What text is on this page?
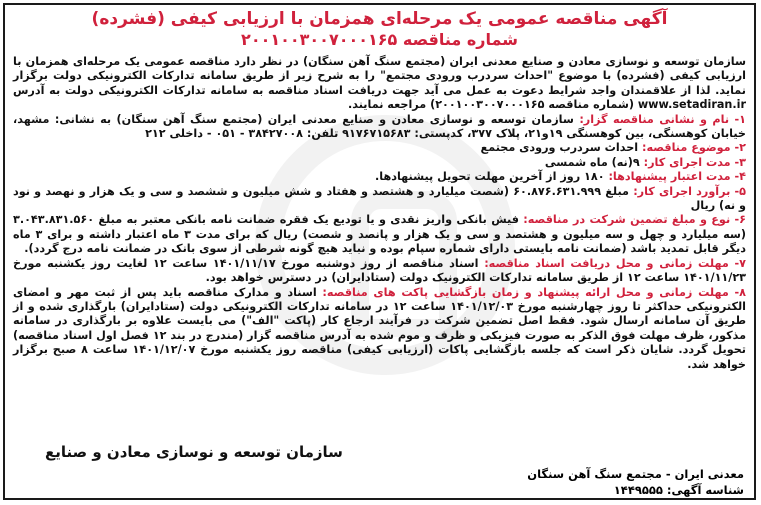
آگهی مناقصه عمومی یک مرحله‌ای همزمان با ارزیابی کیفی (فشرده)
شماره مناقصه ۲۰۰۱۰۰۳۰۰۷۰۰۰۱۶۵

سازمان توسعه و نوسازی معادن و صنایع معدنی ایران (مجتمع سنگ آهن سنگان) در نظر دارد مناقصه عمومی یک مرحله‌ای همزمان با ارزیابی کیفی (فشرده) با موضوع "احداث سردرب ورودی مجتمع" را به شرح زیر از طریق سامانه تدارکات الکترونیکی دولت برگزار نماید. لذا از علاقمندان واجد شرایط دعوت به عمل می آید جهت دریافت اسناد مناقصه به سامانه تدارکات الکترونیکی دولت به آدرس www.setadiran.ir (شماره مناقصه ۲۰۰۱۰۰۳۰۰۷۰۰۰۱۶۵) مراجعه نمایند.

۱- نام و نشانی مناقصه گزار: سازمان توسعه و نوسازی معادن و صنایع معدنی ایران (مجتمع سنگ آهن سنگان) به نشانی: مشهد، خیابان کوهسنگی، بین کوهسنگی ۱۹و۲۱، پلاک ۳۷۷، کدپستی: ۹۱۷۶۷۱۵۶۸۳ تلفن: ۳۸۴۲۷۰۰۸ - ۰۵۱ - داخلی ۲۱۲

۲- موضوع مناقصه: احداث سردرب ورودی مجتمع

۳- مدت اجرای کار: ۹(نه) ماه شمسی

۴- مدت اعتبار پیشنهادها: ۱۸۰ روز از آخرین مهلت تحویل پیشنهادها.

۵- برآورد اجرای کار: مبلغ ۶۰.۸۷۶.۶۳۱.۹۹۹ (شصت میلیارد و هشتصد و هفتاد و شش میلیون و ششصد و سی و یک هزار و نهصد و نود و نه) ریال

۶- نوع و مبلغ تضمین شرکت در مناقصه: فیش بانکی واریز نقدی و یا تودیع یک فقره ضمانت نامه بانکی معتبر به مبلغ ۳.۰۴۳.۸۳۱.۵۶۰ (سه میلیارد و چهل و سه میلیون و هشتصد و سی و یک هزار و پانصد و شصت) ریال که برای مدت ۳ ماه اعتبار داشته و برای ۳ ماه دیگر قابل تمدید باشد (ضمانت نامه بایستی دارای شماره سپام بوده و نباید هیچ گونه شرطی از سوی بانک در ضمانت نامه درج گردد).

۷- مهلت زمانی و محل دریافت اسناد مناقصه: اسناد مناقصه از روز دوشنبه مورخ ۱۴۰۱/۱۱/۱۷ ساعت ۱۲ لغایت روز یکشنبه مورخ ۱۴۰۱/۱۱/۲۳ ساعت ۱۲ از طریق سامانه تدارکات الکترونیک دولت (ستادایران) در دسترس خواهد بود.

۸- مهلت زمانی و محل ارائه پیشنهاد و زمان بازگشایی پاکت های مناقصه: اسناد و مدارک مناقصه باید پس از ثبت مهر و امضای الکترونیکی حداکثر تا روز چهارشنبه مورخ ۱۴۰۱/۱۲/۰۳ ساعت ۱۲ در سامانه تدارکات الکترونیکی دولت (ستادایران) بارگذاری شده و از طریق آن سامانه ارسال شود. فقط اصل تضمین شرکت در فرآیند ارجاع کار (پاکت "الف") می بایست علاوه بر بارگذاری در سامانه مذکور، ظرف مهلت فوق الذکر به صورت فیزیکی و ظرف و موم شده به آدرس مناقصه گزار (مندرج در بند ۱۲ فصل اول اسناد مناقصه) تحویل گردد. شایان ذکر است که جلسه بازگشایی پاکات (ارزیابی کیفی) مناقصه روز یکشنبه مورخ ۱۴۰۱/۱۲/۰۷ ساعت ۸ صبح برگزار خواهد شد.

سازمان توسعه و نوسازی معادن و صنایع
معدنی ایران - مجتمع سنگ آهن سنگان
شناسه آگهی: ۱۴۴۹۵۵۵
